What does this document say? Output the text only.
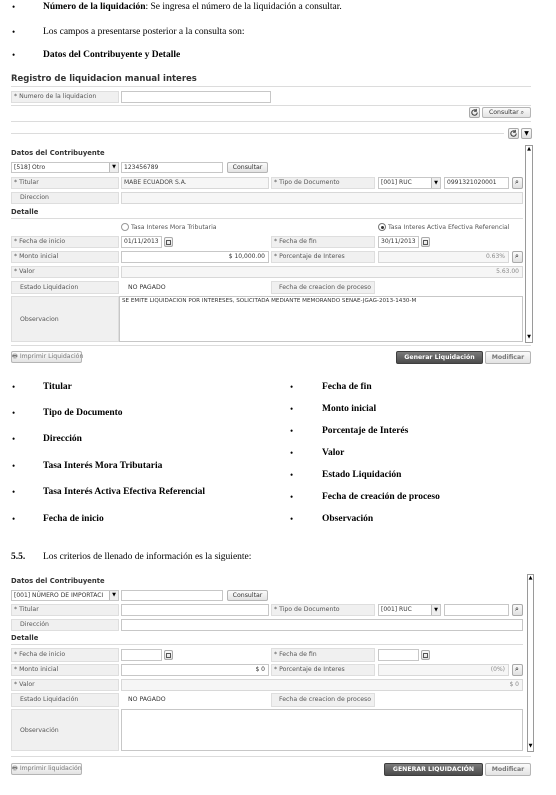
•	Número de la liquidación: Se ingresa el número de la liquidación a consultar.
•	Los campos a presentarse posterior a la consulta son:
•	Datos del Contribuyente y Detalle
Registro de liquidacion manual interes
* Numero de la liquidacion
Consultar ⌕
▼
▲
▼
Datos del Contribuyente
[518] Otro	▼	123456789	Consultar
* Titular	MABE ECUADOR S.A.	* Tipo de Documento	[001] RUC	▼	0991321020001	⌕
Direccion
Detalle
Tasa Interes Mora Tributaria	Tasa Interes Activa Efectiva Referencial
* Fecha de inicio	01/11/2013	* Fecha de fin	30/11/2013
* Monto inicial	$ 10,000.00	* Porcentaje de Interes	0.63%	⌕
* Valor	5.63.00
Estado Liquidacion	NO PAGADO	Fecha de creacion de proceso
Observacion
SE EMITE LIQUIDACION POR INTERESES, SOLICITADA MEDIANTE MEMORANDO SENAE-JGAG-2013-1430-M
🖶 Imprimir Liquidación	Generar Liquidación	Modificar
•	Titular
•	Tipo de Documento
•	Dirección
•	Tasa Interés Mora Tributaria
•	Tasa Interés Activa Efectiva Referencial
•	Fecha de inicio
•	Fecha de fin
•	Monto inicial
•	Porcentaje de Interés
•	Valor
•	Estado Liquidación
•	Fecha de creación de proceso
•	Observación
5.5. Los criterios de llenado de información es la siguiente:
▲
▼
Datos del Contribuyente
[001] NÚMERO DE IMPORTACI	▼	Consultar
* Titular	* Tipo de Documento	[001] RUC	▼	⌕
Dirección
Detalle
* Fecha de inicio	* Fecha de fin
* Monto inicial	$ 0	* Porcentaje de Interes	(0%)	⌕
* Valor	$ 0
Estado Liquidación	NO PAGADO	Fecha de creacion de proceso
Observación
🖶 Imprimir liquidación	GENERAR LIQUIDACIÓN	Modificar
